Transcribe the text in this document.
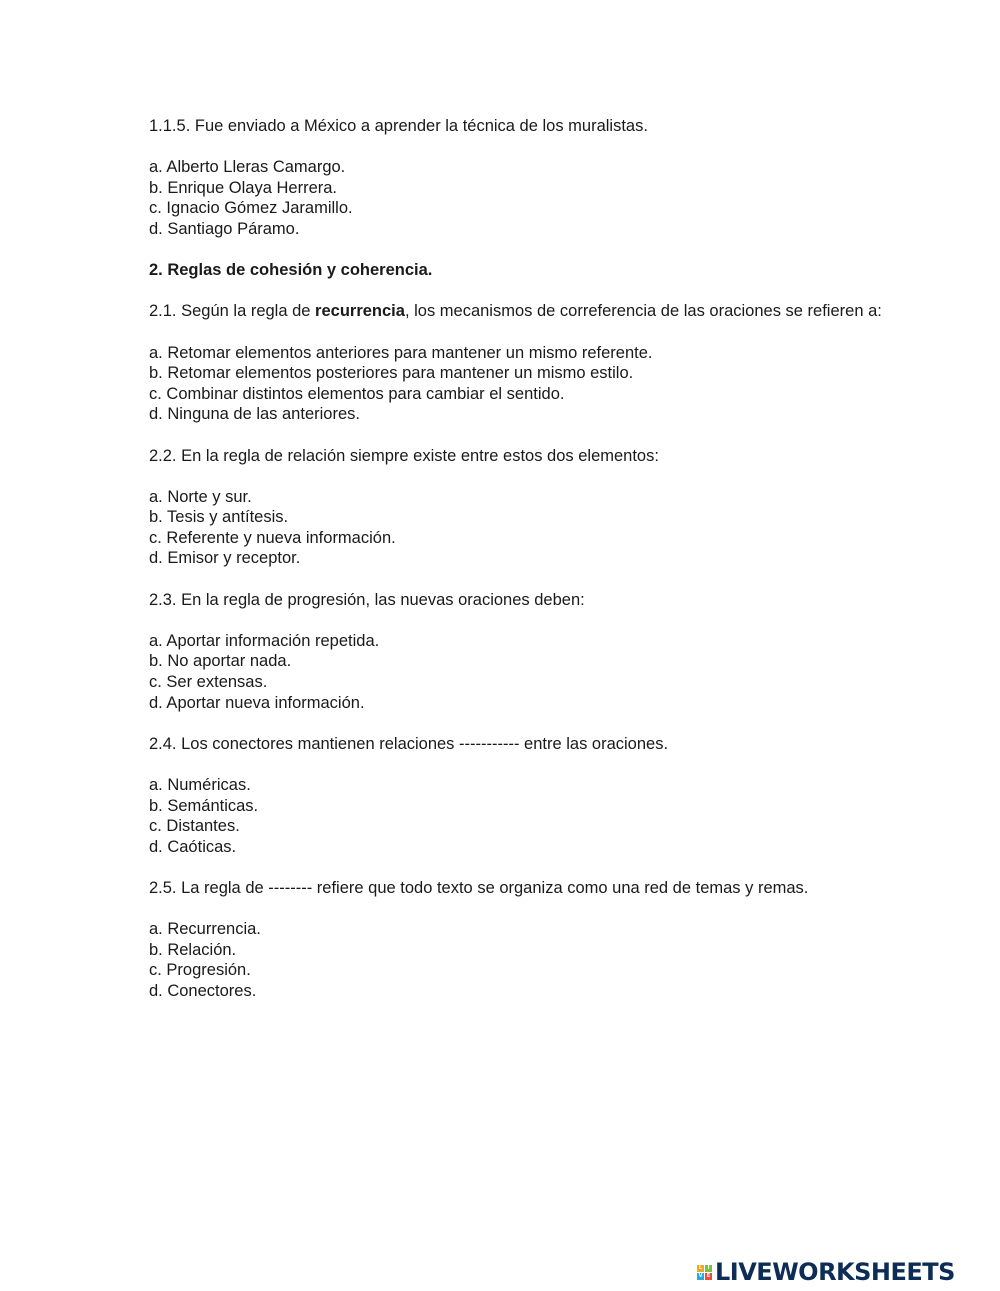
1.1.5. Fue enviado a México a aprender la técnica de los muralistas.

a. Alberto Lleras Camargo.

b. Enrique Olaya Herrera.

c. Ignacio Gómez Jaramillo.

d. Santiago Páramo.

2. Reglas de cohesión y coherencia.

2.1. Según la regla de recurrencia, los mecanismos de correferencia de las oraciones se refieren a:

a. Retomar elementos anteriores para mantener un mismo referente.

b. Retomar elementos posteriores para mantener un mismo estilo.

c. Combinar distintos elementos para cambiar el sentido.

d. Ninguna de las anteriores.

2.2. En la regla de relación siempre existe entre estos dos elementos:

a. Norte y sur.

b. Tesis y antítesis.

c. Referente y nueva información.

d. Emisor y receptor.

2.3. En la regla de progresión, las nuevas oraciones deben:

a. Aportar información repetida.

b. No aportar nada.

c. Ser extensas.

d. Aportar nueva información.

2.4. Los conectores mantienen relaciones ----------- entre las oraciones.

a. Numéricas.

b. Semánticas.

c. Distantes.

d. Caóticas.

2.5. La regla de -------- refiere que todo texto se organiza como una red de temas y remas.

a. Recurrencia.

b. Relación.

c. Progresión.

d. Conectores.

L	I
V E LIVEWORKSHEETS
